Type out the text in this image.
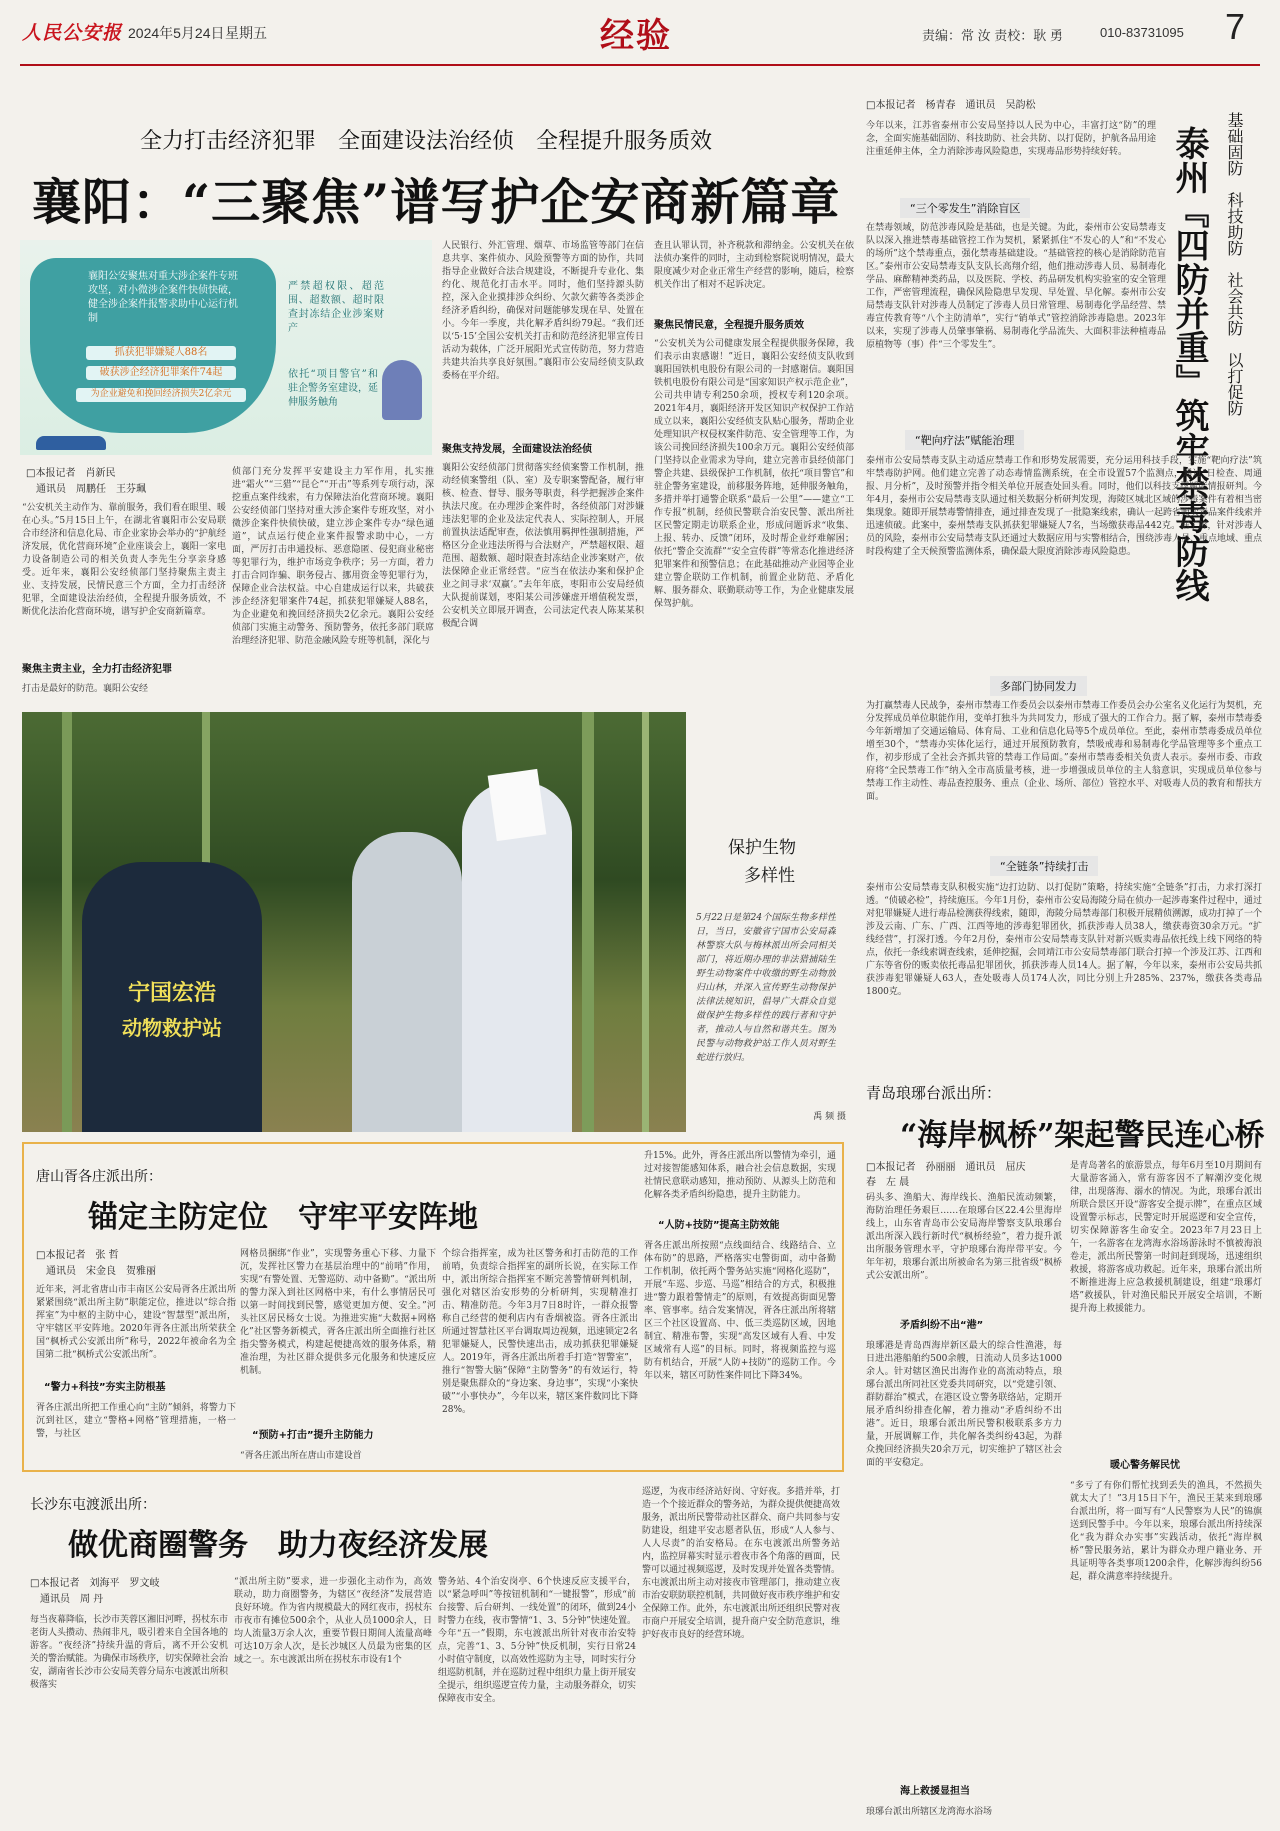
人民公安报 2024年5月24日 星期五	经验	责编：常 汝 责校：耿 勇	010-83731095 7
全力打击经济犯罪　全面建设法治经侦　全程提升服务质效
襄阳：“三聚焦”谱写护企安商新篇章
襄阳公安聚焦对重大涉企案件专班攻坚，对小微涉企案件快侦快破，健全涉企案件报警求助中心运行机制
抓获犯罪嫌疑人88名
破获涉企经济犯罪案件74起
为企业避免和挽回经济损失2亿余元
严禁超权限、超范围、超数额、超时限查封冻结企业涉案财产
依托“项目警官”和驻企警务室建设，延伸服务触角
□本报记者　肖新民
通讯员　周鹏任　王芬珮
“公安机关主动作为、靠前服务，我们看在眼里、暖在心头。”5月15日上午，在湖北省襄阳市公安局联合市经济和信息化局、市企业家协会举办的“护航经济发展，优化营商环境”企业座谈会上，襄阳一家电力设备制造公司的相关负责人李先生分享亲身感受。近年来，襄阳公安经侦部门坚持聚焦主责主业、支持发展，民情民意三个方面，全力打击经济犯罪，全面建设法治经侦，全程提升服务质效，不断优化法治化营商环境，谱写护企安商新篇章。
聚焦主责主业，全力打击经济犯罪
打击是最好的防范。襄阳公安经
侦部门充分发挥平安建设主力军作用，扎实推进“霜火”“三猎”“昆仑”“开击”等系列专项行动，深挖重点案件线索，有力保障法治化营商环境。襄阳公安经侦部门坚持对重大涉企案件专班攻坚，对小微涉企案件快侦快破，建立涉企案件专办“绿色通道”，试点运行使企业案件报警求助中心，一方面，严厉打击串通投标、恶意隐匿、侵犯商业秘密等犯罪行为，维护市场竞争秩序；另一方面，着力打击合同诈骗、职务侵占、挪用资金等犯罪行为，保障企业合法权益。中心自建成运行以来，共破获涉企经济犯罪案件74起，抓获犯罪嫌疑人88名，为企业避免和挽回经济损失2亿余元。襄阳公安经侦部门实施主动警务、预防警务，依托多部门联席治理经济犯罪、防范金融风险专班等机制，深化与
人民银行、外汇管理、烟草、市场监管等部门在信息共享、案件侦办、风险预警等方面的协作，共同指导企业做好合法合规建设，不断提升专业化、集约化、规范化打击水平。同时，他们坚持源头防控，深入企业摸排涉众纠纷、欠款欠薪等各类涉企经济矛盾纠纷，确保对问题能够发现在早、处置在小。今年一季度，共化解矛盾纠纷79起。“我们还以‘5·15’全国公安机关打击和防范经济犯罪宣传日活动为载体，广泛开展阳光式宣传防范，努力营造共建共治共享良好氛围。”襄阳市公安局经侦支队政委杨在平介绍。
聚焦支持发展，全面建设法治经侦
襄阳公安经侦部门贯彻落实经侦案警工作机制，推动经侦案警组（队、室）及专职案警配备，履行审核、检查、督导、服务等职责，科学把握涉企案件执法尺度。在办理涉企案件时，各经侦部门对涉嫌违法犯罪的企业及法定代表人、实际控制人，开展前置执法适配审查，依法慎用羁押性强制措施，严格区分企业违法所得与合法财产，严禁超权限、超范围、超数额、超时限查封冻结企业涉案财产，依法保障企业正常经营。“应当在依法办案和保护企业之间寻求‘双赢’。”去年年底，枣阳市公安局经侦大队提前谋划，枣阳某公司涉嫌虚开增值税发票，公安机关立即展开调查，公司法定代表人陈某某积极配合调
查且认罪认罚，补齐税款和滞纳金。公安机关在依法侦办案件的同时，主动到检察院说明情况，最大限度减少对企业正常生产经营的影响，随后，检察机关作出了相对不起诉决定。
聚焦民情民意，全程提升服务质效
“公安机关为公司健康发展全程提供服务保障，我们表示由衷感谢！”近日，襄阳公安经侦支队收到襄阳国铁机电股份有限公司的一封感谢信。襄阳国铁机电股份有限公司是“国家知识产权示范企业”，公司共申请专利250余项，授权专利120余项。2021年4月，襄阳经济开发区知识产权保护工作站成立以来，襄阳公安经侦支队贴心服务，帮助企业处理知识产权侵权案件防范、安全管理等工作，为该公司挽回经济损失100余万元。襄阳公安经侦部门坚持以企业需求为导向，建立完善市县经侦部门警企共建、县级保护工作机制，依托“项目警官”和驻企警务室建设，前移服务阵地，延伸服务触角，多措并举打通警企联系“最后一公里”——建立“工作专报”机制，经侦民警联合治安民警、派出所社区民警定期走访联系企业，形成问题诉求“收集、上报、转办、反馈”闭环，及时帮企业纾难解困；依托“警企交流群”“安全宣传群”等常态化推进经济犯罪案件和预警信息；在此基础推动产业园等企业建立警企联防工作机制，前置企业防范、矛盾化解、服务群众、联勤联动等工作，为企业健康发展保驾护航。
宁国宏浩
动物救护站
保护生物
多样性
5月22日是第24个国际生物多样性日，当日，安徽省宁国市公安局森林警察大队与梅林派出所会同相关部门，将近期办理的非法猎捕陆生野生动物案件中收缴的野生动物放归山林，并深入宣传野生动物保护法律法规知识，倡导广大群众自觉做保护生物多样性的践行者和守护者，推动人与自然和谐共生。图为民警与动物救护站工作人员对野生蛇进行放归。
禹 频 摄
□本报记者　杨青春　通讯员　吴韵松
今年以来，江苏省泰州市公安局坚持以人民为中心，丰富打这“防”的理念，全面实施基础固防、科技助防、社会共防、以打促防，护航各品用途注重延伸主体，全力消除涉毒风险隐患，实现毒品形势持续好转。	泰州『四防并重』筑牢禁毒防线	基础固防　科技助防　社会共防　以打促防
“三个零发生”消除盲区
在禁毒领域，防范涉毒风险是基础，也是关键。为此，泰州市公安局禁毒支队以深入推进禁毒基础管控工作为契机，紧紧抓住“不发心的人”和“不发心的场所”这个禁毒重点，强化禁毒基础建设。“基础管控的核心是消除防范盲区。”泰州市公安局禁毒支队支队长高翔介绍，他们推动涉毒人员、易制毒化学品、麻醉精神类药品，以及医院、学校、药品研发机构实验室的安全管理工作，严密管理流程，确保风险隐患早发现、早处置、早化解。泰州市公安局禁毒支队针对涉毒人员制定了涉毒人员日常管理、易制毒化学品经营、禁毒宣传教育等“八个主防清单”，实行“销单式”管控消除涉毒隐患。2023年以来，实现了涉毒人员肇事肇祸、易制毒化学品流失、大面积非法种植毒品原植物等（事）件“三个零发生”。
“靶向疗法”赋能治理
泰州市公安局禁毒支队主动适应禁毒工作和形势发展需要，充分运用科技手段，实施“靶向疗法”筑牢禁毒防护网。他们建立完善了动态毒情监测系统，在全市设置57个监测点，通过“日检查、周通报、月分析”，及时预警并指令相关单位开展查处回头看。同时，他们以科技支撑赋能情报研判。今年4月，泰州市公安局禁毒支队通过相关数据分析研判发现，海陵区城北区域的涉毒案件有着相当密集现象。随即开展禁毒警情排查，通过排查发现了一批隐案线索，确认一起跨省贩卖毒品案件线索并迅速侦破。此案中，泰州禁毒支队抓获犯罪嫌疑人7名，当场缴获毒品442克。据了解，针对涉毒人员的风险，泰州市公安局禁毒支队还通过大数据应用与实警相结合，围绕涉毒人员、重点地域、重点时段构建了全天候预警监测体系，确保最大限度消除涉毒风险隐患。
多部门协同发力
为打赢禁毒人民战争，泰州市禁毒工作委员会以泰州市禁毒工作委员会办公室名义化运行为契机，充分发挥成员单位职能作用，变单打独斗为共同发力，形成了强大的工作合力。据了解，泰州市禁毒委今年新增加了交通运输局、体育局、工业和信息化局等5个成员单位。至此，泰州市禁毒委成员单位增至30个，“禁毒办实体化运行，通过开展预防教育，禁吸戒毒和易制毒化学品管理等多个重点工作，初步形成了全社会齐抓共管的禁毒工作局面。”泰州市禁毒委相关负责人表示。泰州市委、市政府将“全民禁毒工作”纳入全市高质量考核，进一步增强成员单位的主人翁意识，实现成员单位参与禁毒工作主动性、毒品查控服务、重点（企业、场所、部位）管控水平、对吸毒人员的教育和帮扶方面。
“全链条”持续打击
泰州市公安局禁毒支队积极实施“边打边防、以打促防”策略，持续实施“全链条”打击，力求打深打透。“侦破必检”，持续施压。今年1月份，泰州市公安局海陵分局在侦办一起涉毒案件过程中，通过对犯罪嫌疑人进行毒品检测获得线索，随即，海陵分局禁毒部门积极开展精侦溯源，成功打掉了一个涉及云南、广东、广西、江西等地的涉毒犯罪团伙，抓获涉毒人员38人，缴获毒资30余万元。“扩线经营”，打深打透。今年2月份，泰州市公安局禁毒支队针对新兴贩卖毒品依托线上线下网络的特点，依托一条线索调查线索，延伸挖掘，会同靖江市公安局禁毒部门联合打掉一个涉及江苏、江西和广东等省份的贩卖依托毒品犯罪团伙，抓获涉毒人员14人。据了解，今年以来，泰州市公安局共抓获涉毒犯罪嫌疑人63人，查处吸毒人员174人次，同比分别上升285%、237%，缴获各类毒品1800克。
青岛琅琊台派出所：
“海岸枫桥”架起警民连心桥
□本报记者　孙丽丽　通讯员　屈庆春　左 晨
码头多、渔船大、海岸线长、渔船民流动频繁，海防治理任务艰巨……在琅琊台区22.4公里海岸线上，山东省青岛市公安局海岸警察支队琅琊台派出所深入践行新时代“枫桥经验”，着力提升派出所服务管理水平，守护琅琊台海岸带平安。今年年初，琅琊台派出所被命名为第三批省级“枫桥式公安派出所”。
矛盾纠纷不出“港”
琅琊港是青岛西海岸新区最大的综合性渔港，每日进出港船舶约500余艘，日流动人员多达1000余人。针对辖区渔民出海作业的高流动特点，琅琊台派出所同社区党委共同研究，以“党建引领、群防群治”模式，在港区设立警务联络站，定期开展矛盾纠纷排查化解，着力推动“矛盾纠纷不出港”。近日，琅琊台派出所民警积极联系多方力量，开展调解工作，共化解各类纠纷43起，为群众挽回经济损失20余万元，切实维护了辖区社会面的平安稳定。
是青岛著名的旅游景点，每年6月至10月期间有大量游客涌入，常有游客因不了解潮汐变化规律，出现落海、溺水的情况。为此，琅琊台派出所联合景区开设“游客安全提示牌”，在重点区域设置警示标志，民警定时开展巡逻和安全宣传，切实保障游客生命安全。2023年7月23日上午，一名游客在龙湾海水浴场游泳时不慎被海浪卷走，派出所民警第一时间赶到现场，迅速组织救援，将游客成功救起。近年来，琅琊台派出所不断推进海上应急救援机制建设，组建“琅琊灯塔”救援队，针对渔民船民开展安全培训，不断提升海上救援能力。
暖心警务解民忧
“多亏了有你们帮忙找到丢失的渔具，不然损失就太大了！”3月15日下午，渔民王某来到琅琊台派出所，将一面写有“人民警察为人民”的锦旗送到民警手中。今年以来，琅琊台派出所持续深化“我为群众办实事”实践活动，依托“海岸枫桥”警民服务站，累计为群众办理户籍业务、开具证明等各类事项1200余件，化解涉海纠纷56起，群众满意率持续提升。
海上救援显担当
琅琊台派出所辖区龙湾海水浴场
唐山胥各庄派出所：
锚定主防定位　守牢平安阵地
□本报记者　张 哲
通讯员　宋金良　贺雅丽
近年来，河北省唐山市丰南区公安局胥各庄派出所紧紧围绕“派出所主防”职能定位，推进以“综合指挥室”为中枢的主防中心，建设“智慧型”派出所，守牢辖区平安阵地。2020年胥各庄派出所荣获全国“枫桥式公安派出所”称号，2022年被命名为全国第二批“枫桥式公安派出所”。
“警力+科技”夯实主防根基
胥各庄派出所把工作重心向“主防”倾斜，将警力下沉到社区，建立“警格+网格”管理措施，一格一警，与社区
网格员捆绑“作业”，实现警务重心下移、力量下沉，发挥社区警力在基层治理中的“前哨”作用，实现“有警处置、无警巡防、动中备勤”。“派出所的警力深入到社区网格中来，有什么事情居民可以第一时间找到民警，感觉更加方便、安全。”河头社区居民杨女士说。为推进实施“大数据+网格化”社区警务新模式，胥各庄派出所全面推行社区指尖警务模式，构建起便捷高效的服务体系，精准治理，为社区群众提供多元化服务和快速反应机制。
“预防+打击”提升主防能力
“胥各庄派出所在唐山市建设首
个综合指挥室，成为社区警务和打击防范的工作前哨，负责综合指挥室的副所长说，在实际工作中，派出所综合指挥室不断完善警情研判机制，强化对辖区治安形势的分析研判，实现精准打击、精准防范。今年3月7日8时许，一群众报警称自己经营的便利店内有香烟被盗。胥各庄派出所通过智慧社区平台调取周边视频，迅速锁定2名犯罪嫌疑人，民警快速出击，成功抓获犯罪嫌疑人。2019年，胥各庄派出所着手打造“智警室”，推行“智警大脑”保障“主防警务”的有效运行，特别是聚焦群众的“身边案、身边事”，实现“小案快破”“小事快办”，今年以来，辖区案件数同比下降28%。
升15%。此外，胥各庄派出所以警情为牵引，通过对接智能感知体系，融合社会信息数据，实现社情民意联动感知，推动预防、从源头上防范和化解各类矛盾纠纷隐患，提升主防能力。
“人防+技防”提高主防效能
胥各庄派出所按照“点线面结合、线路结合、立体布防”的思路，严格落实屯警街面，动中备勤工作机制，依托两个警务站实施“网格化巡防”，开展“车巡、步巡、马巡”相结合的方式，积极推进“警力跟着警情走”的原则，有效提高街面见警率、管事率。结合发案情况，胥各庄派出所将辖区三个社区设置高、中、低三类巡防区域，因地制宜、精准布警，实现“高发区域有人看、中发区域常有人巡”的目标。同时，将视频监控与巡防有机结合，开展“人防+技防”的巡防工作。今年以来，辖区可防性案件同比下降34%。
长沙东屯渡派出所：
做优商圈警务　助力夜经济发展
□本报记者　刘海平　罗文岐
通讯员　周 丹
每当夜幕降临，长沙市芙蓉区湘旧河畔，拐杖东市老街人头攒动、热闹非凡，吸引着来自全国各地的游客。“夜经济”持续升温的背后，离不开公安机关的警治赋能。为确保市场秩序，切实保障社会治安，湖南省长沙市公安局芙蓉分局东屯渡派出所积极落实
“派出所主防”要求，进一步强化主动作为，高效联动，助力商圈警务，为辖区“夜经济”发展营造良好环境。作为省内规模最大的网红夜市，拐杖东市夜市有摊位500余个，从业人员1000余人，日均人流量3万余人次，重要节假日期间人流量高峰可达10万余人次，是长沙城区人员最为密集的区域之一。东屯渡派出所在拐杖东市设有1个
警务站、4个治安岗亭、6个快速反应支援平台，以“紧急呼叫”等按钮机制和“一键报警”，形成“前台接警、后台研判、一线处置”的闭环，做到24小时警力在线，夜市警情“1、3、5分钟”快速处置。今年“五一”假期，东屯渡派出所针对夜市治安特点，完善“1、3、5分钟”快反机制，实行日常24小时值守制度，以高效性巡防为主导，同时实行分组巡防机制，并在巡防过程中组织力量上街开展安全提示，组织巡逻宣传力量，主动服务群众，切实保障夜市安全。
巡逻，为夜市经济站好岗、守好夜。多措并举，打造一个个接近群众的警务站，为群众提供便捷高效服务，派出所民警带动社区群众、商户共同参与安防建设，组建平安志愿者队伍，形成“人人参与、人人尽责”的治安格局。在东屯渡派出所警务站内，监控屏幕实时显示着夜市各个角落的画面，民警可以通过视频巡逻，及时发现并处置各类警情。东屯渡派出所主动对接夜市管理部门，推动建立夜市治安联防联控机制，共同做好夜市秩序维护和安全保障工作。此外，东屯渡派出所还组织民警对夜市商户开展安全培训，提升商户安全防范意识，维护好夜市良好的经营环境。
